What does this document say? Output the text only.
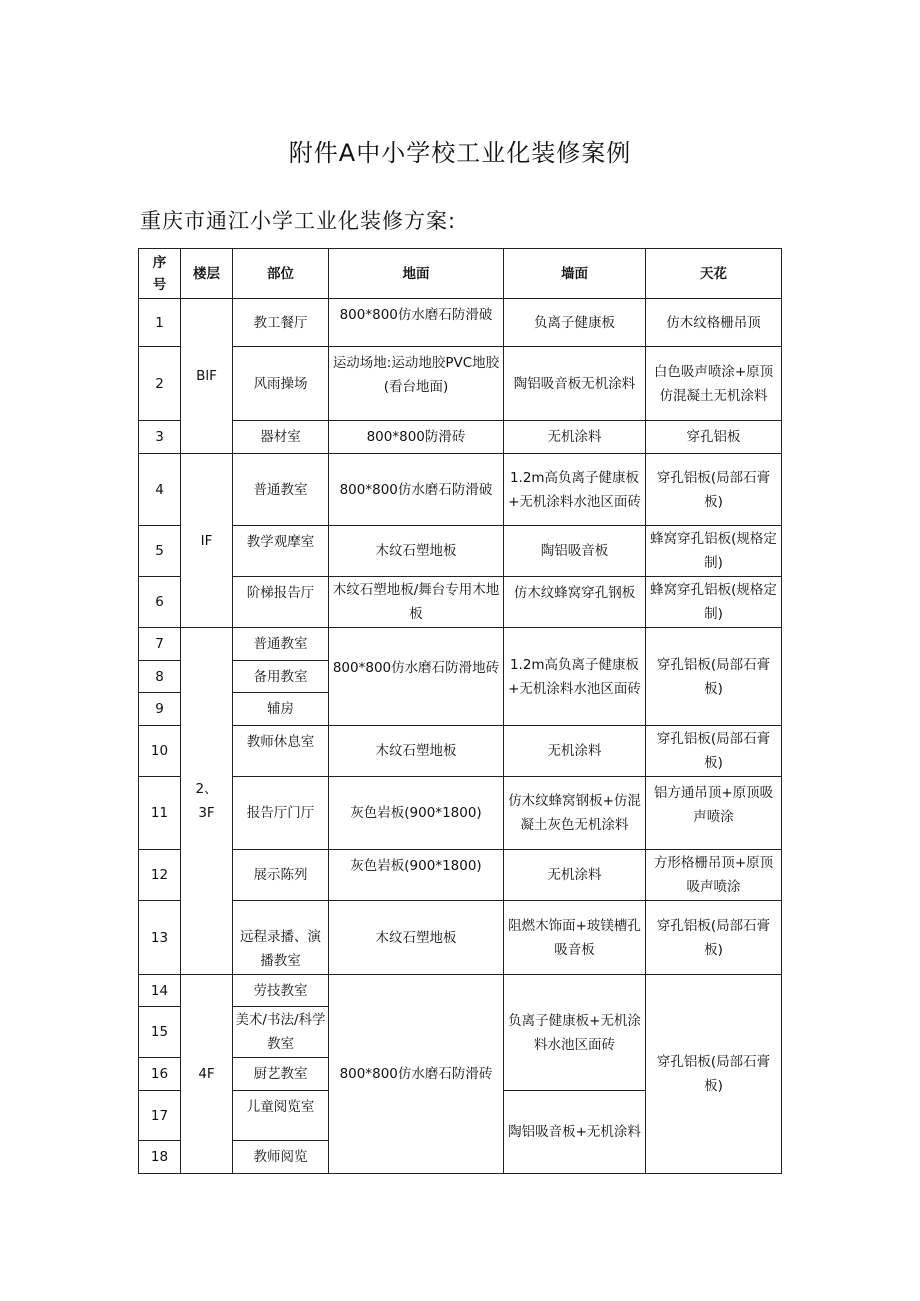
附件A中小学校工业化装修案例
重庆市通江小学工业化装修方案:
序号	楼层	部位	地面	墙面	天花
1	BlF	教工餐厅	800*800仿水磨石防滑破	负离子健康板	仿木纹格栅吊顶
2		风雨操场	运动场地:运动地胶PVC地胶(看台地面)	陶铝吸音板无机涂料	白色吸声喷涂+原顶仿混凝土无机涂料
3		器材室	800*800防滑砖	无机涂料	穿孔铝板
4	IF	普通教室	800*800仿水磨石防滑破	1.2m高负离子健康板+无机涂料水池区面砖	穿孔铝板(局部石膏板)
5		教学观摩室	木纹石塑地板	陶铝吸音板	蜂窝穿孔铝板(规格定制)
6		阶梯报告厅	木纹石塑地板/舞台专用木地板	仿木纹蜂窝穿孔钢板	蜂窝穿孔铝板(规格定制)
7	2、3F	普通教室	800*800仿水磨石防滑地砖	1.2m高负离子健康板+无机涂料水池区面砖	穿孔铝板(局部石膏板)
8		备用教室			
9		辅房			
10		教师休息室	木纹石塑地板	无机涂料	穿孔铝板(局部石膏板)
11		报告厅门厅	灰色岩板(900*1800)	仿木纹蜂窝钢板+仿混凝土灰色无机涂料	铝方通吊顶+原顶吸声喷涂
12		展示陈列	灰色岩板(900*1800)	无机涂料	方形格栅吊顶+原顶吸声喷涂
13		远程录播、演播教室	木纹石塑地板	阻燃木饰面+玻镁槽孔吸音板	穿孔铝板(局部石膏板)
14	4F	劳技教室	800*800仿水磨石防滑砖	负离子健康板+无机涂料水池区面砖	穿孔铝板(局部石膏板)
15		美术/书法/科学教室			
16		厨艺教室			
17		儿童阅览室		陶铝吸音板+无机涂料	
18		教师阅览			
